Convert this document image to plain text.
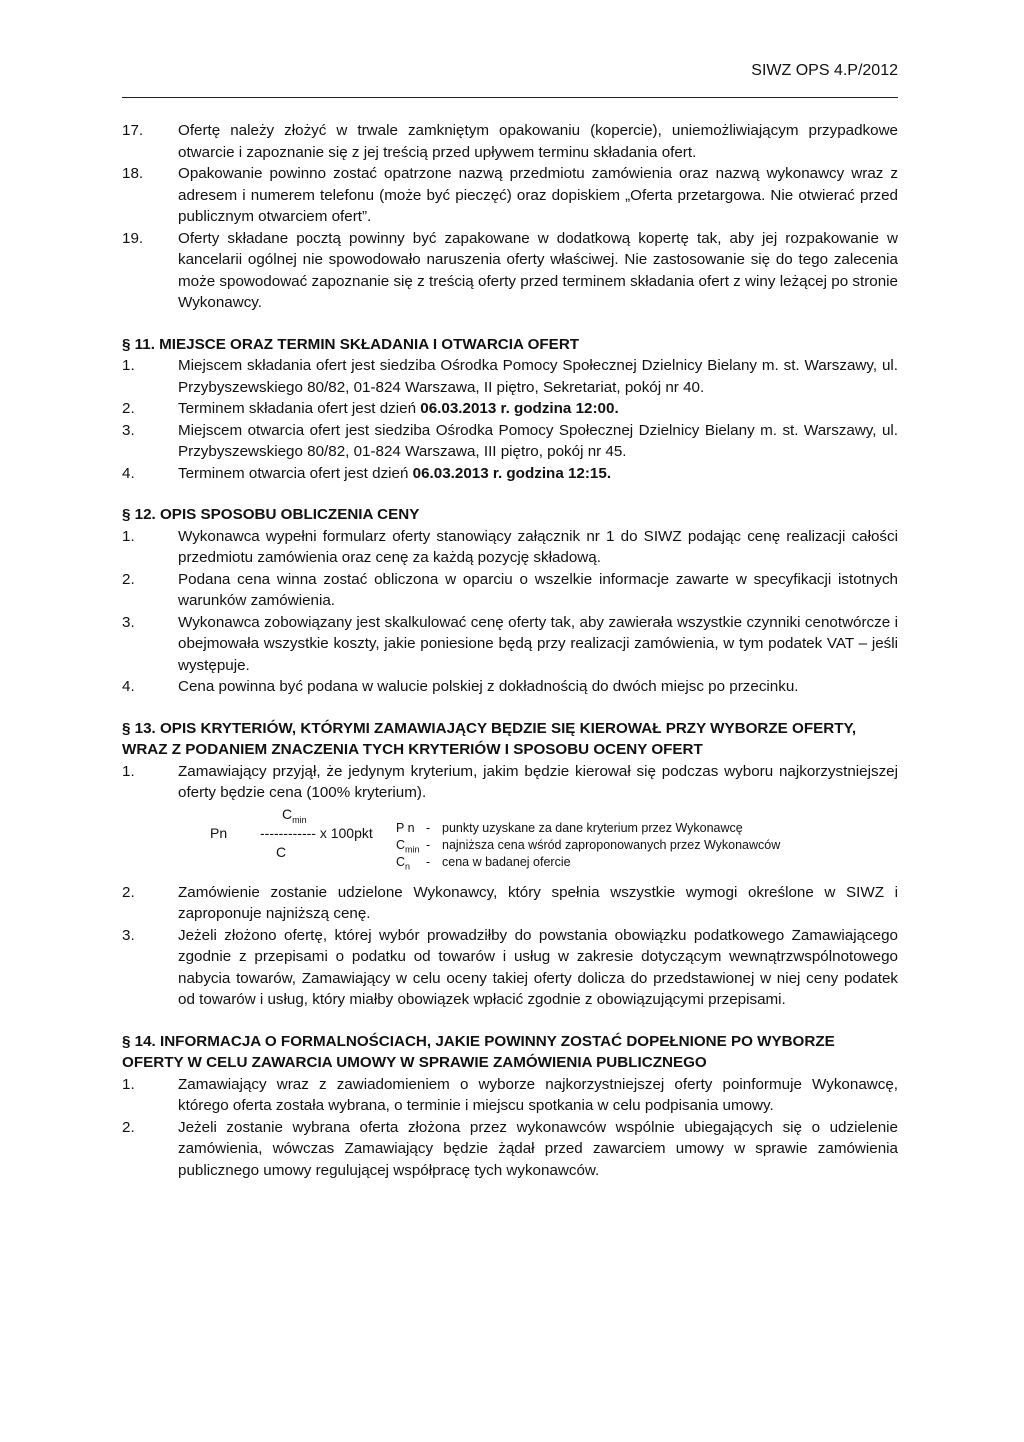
SIWZ OPS 4.P/2012
17.	Ofertę należy złożyć w trwale zamkniętym opakowaniu (kopercie), uniemożliwiającym przypadkowe otwarcie i zapoznanie się z jej treścią przed upływem terminu składania ofert.
18.	Opakowanie powinno zostać opatrzone nazwą przedmiotu zamówienia oraz nazwą wykonawcy wraz z adresem i numerem telefonu (może być pieczęć) oraz dopiskiem „Oferta przetargowa. Nie otwierać przed publicznym otwarciem ofert”.
19.	Oferty składane pocztą powinny być zapakowane w dodatkową kopertę tak, aby jej rozpakowanie w kancelarii ogólnej nie spowodowało naruszenia oferty właściwej. Nie zastosowanie się do tego zalecenia może spowodować zapoznanie się z treścią oferty przed terminem składania ofert z winy leżącej po stronie Wykonawcy.
§ 11. MIEJSCE ORAZ TERMIN SKŁADANIA I OTWARCIA OFERT
1.	Miejscem składania ofert jest siedziba Ośrodka Pomocy Społecznej Dzielnicy Bielany m. st. Warszawy, ul. Przybyszewskiego 80/82, 01-824 Warszawa, II piętro, Sekretariat, pokój nr 40.
2.	Terminem składania ofert jest dzień 06.03.2013 r. godzina 12:00.
3.	Miejscem otwarcia ofert jest siedziba Ośrodka Pomocy Społecznej Dzielnicy Bielany m. st. Warszawy, ul. Przybyszewskiego 80/82, 01-824 Warszawa, III piętro, pokój nr 45.
4.	Terminem otwarcia ofert jest dzień 06.03.2013 r. godzina 12:15.
§ 12. OPIS SPOSOBU OBLICZENIA CENY
1.	Wykonawca wypełni formularz oferty stanowiący załącznik nr 1 do SIWZ podając cenę realizacji całości przedmiotu zamówienia oraz cenę za każdą pozycję składową.
2.	Podana cena winna zostać obliczona w oparciu o wszelkie informacje zawarte w specyfikacji istotnych warunków zamówienia.
3.	Wykonawca zobowiązany jest skalkulować cenę oferty tak, aby zawierała wszystkie czynniki cenotwórcze i obejmowała wszystkie koszty, jakie poniesione będą przy realizacji zamówienia, w tym podatek VAT – jeśli występuje.
4.	Cena powinna być podana w walucie polskiej z dokładnością do dwóch miejsc po przecinku.
§ 13. OPIS KRYTERIÓW, KTÓRYMI ZAMAWIAJĄCY BĘDZIE SIĘ KIEROWAŁ PRZY WYBORZE OFERTY,
WRAZ Z PODANIEM ZNACZENIA TYCH KRYTERIÓW I SPOSOBU OCENY OFERT
1.	Zamawiający przyjął, że jedynym kryterium, jakim będzie kierował się podczas wyboru najkorzystniejszej oferty będzie cena (100% kryterium).
$C_{min}$
Pn ------------ x 100pkt
C
P n - punkty uzyskane za dane kryterium przez Wykonawcę
$C_{min}$ - najniższa cena wśród zaproponowanych przez Wykonawców
$C_n$ - cena w badanej ofercie
2.	Zamówienie zostanie udzielone Wykonawcy, który spełnia wszystkie wymogi określone w SIWZ i zaproponuje najniższą cenę.
3.	Jeżeli złożono ofertę, której wybór prowadziłby do powstania obowiązku podatkowego Zamawiającego zgodnie z przepisami o podatku od towarów i usług w zakresie dotyczącym wewnątrzwspólnotowego nabycia towarów, Zamawiający w celu oceny takiej oferty dolicza do przedstawionej w niej ceny podatek od towarów i usług, który miałby obowiązek wpłacić zgodnie z obowiązującymi przepisami.
§ 14. INFORMACJA O FORMALNOŚCIACH, JAKIE POWINNY ZOSTAĆ DOPEŁNIONE PO WYBORZE
OFERTY W CELU ZAWARCIA UMOWY W SPRAWIE ZAMÓWIENIA PUBLICZNEGO
1.	Zamawiający wraz z zawiadomieniem o wyborze najkorzystniejszej oferty poinformuje Wykonawcę, którego oferta została wybrana, o terminie i miejscu spotkania w celu podpisania umowy.
2.	Jeżeli zostanie wybrana oferta złożona przez wykonawców wspólnie ubiegających się o udzielenie zamówienia, wówczas Zamawiający będzie żądał przed zawarciem umowy w sprawie zamówienia publicznego umowy regulującej współpracę tych wykonawców.
